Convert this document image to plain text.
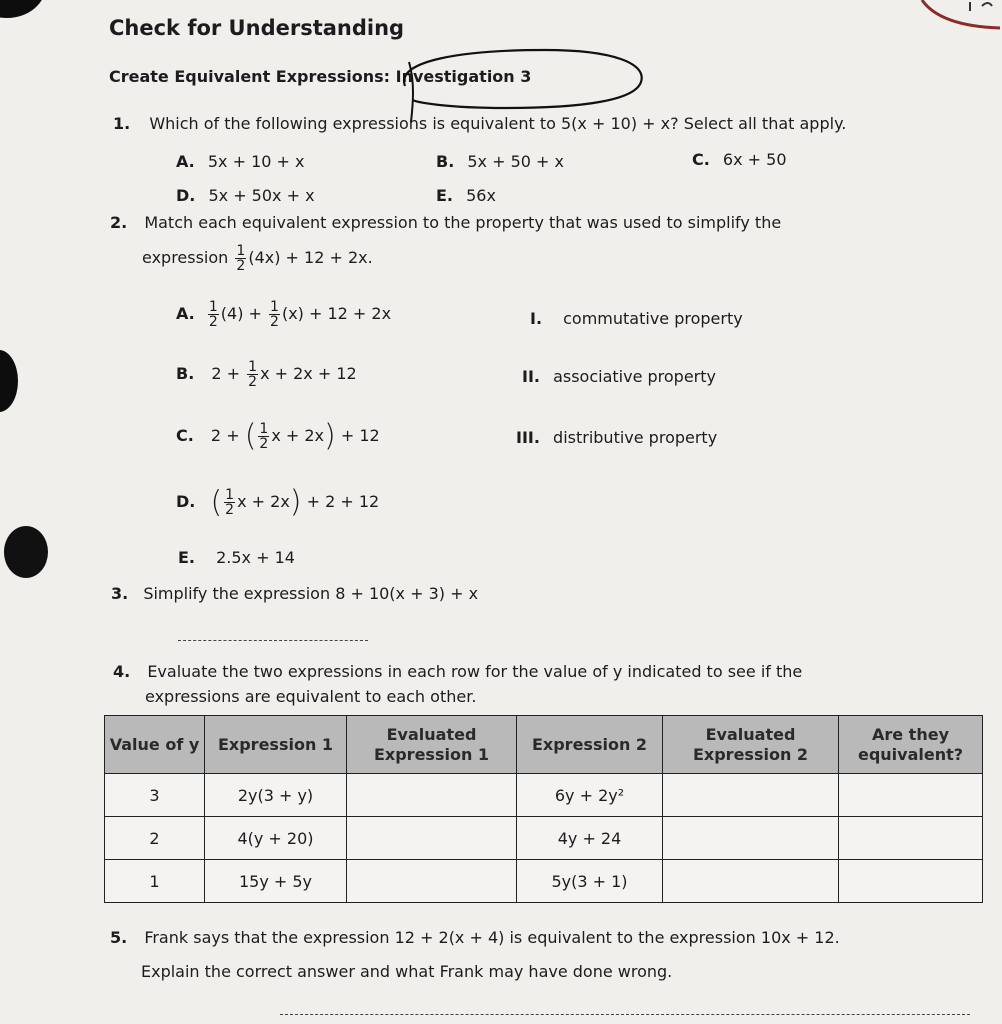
Check for Understanding
Create Equivalent Expressions: Investigation 3
1. Which of the following expressions is equivalent to 5(x + 10) + x? Select all that apply.
A. 5x + 10 + x	B. 5x + 50 + x	C. 6x + 50
D. 5x + 50x + x	E. 56x
2. Match each equivalent expression to the property that was used to simplify the
expression $\frac{1}{2} (4x) + 12 + 2x$.
A. $\frac{1}{2} (4) + \frac{1}{2} (x) + 12 + 2x$
B. $2 + \frac{1}{2}$ x + 2x + 12
C. 2 + ( $\frac{1}{2}$ x + 2x) + 12
D. ( $\frac{1}{2}$ x + 2x) + 2 + 12
E. 2.5x + 14
I. commutative property
II. associative property
III. distributive property
3. Simplify the expression 8 + 10(x + 3) + x
4. Evaluate the two expressions in each row for the value of y indicated to see if the
expressions are equivalent to each other.
Value of y	Expression 1	Evaluated Expression 1	Expression 2	Evaluated Expression 2	Are they equivalent?
3	2y(3 + y)		6y + 2y²		
2	4(y + 20)		4y + 24		
1	15y + 5y		5y(3 + 1)		
5. Frank says that the expression 12 + 2(x + 4) is equivalent to the expression 10x + 12.
Explain the correct answer and what Frank may have done wrong.
